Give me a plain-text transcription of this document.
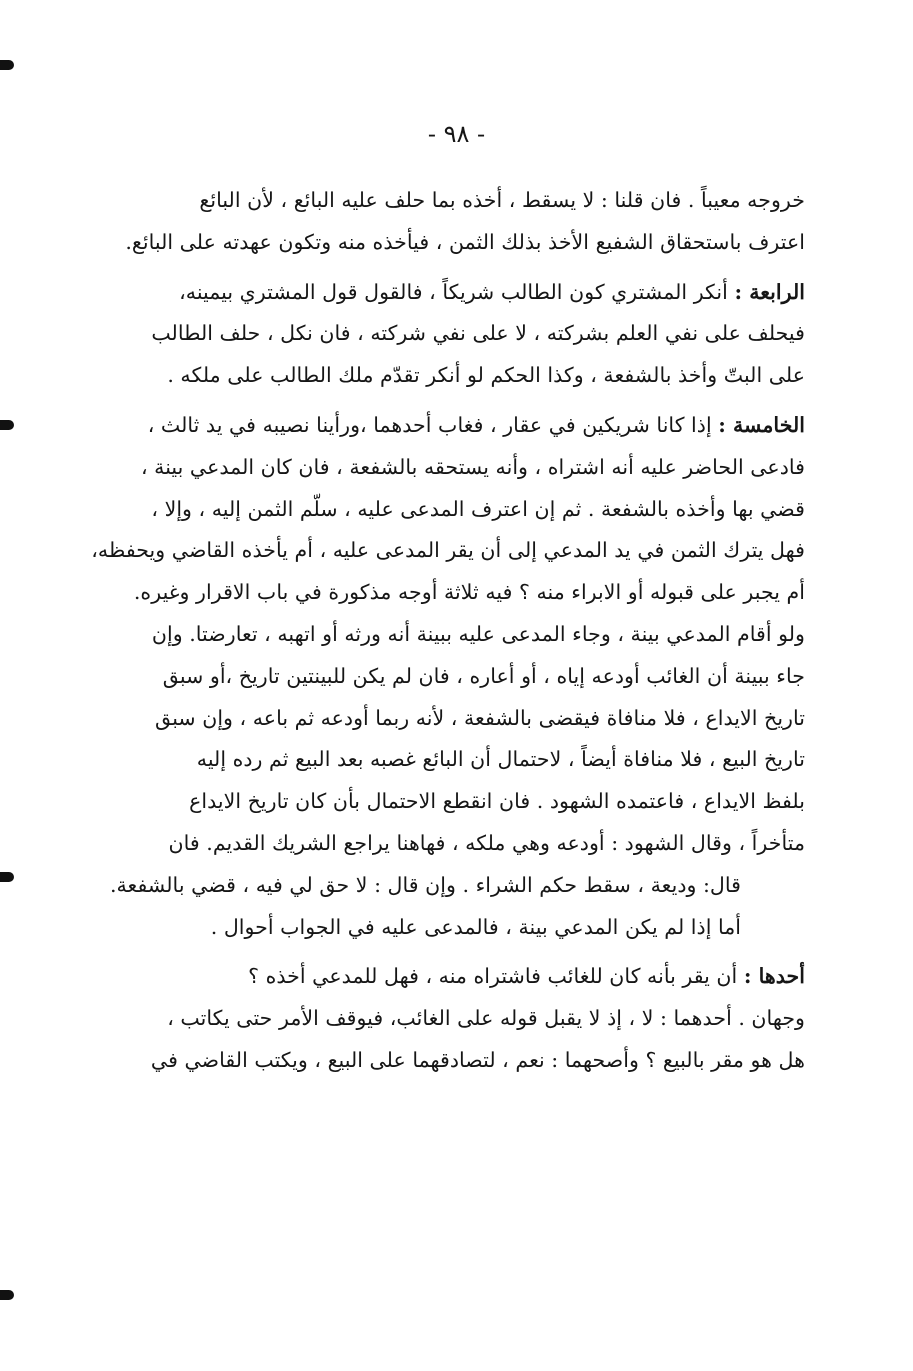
- ٩٨ -
خروجه معيباً . فان قلنا : لا يسقط ، أخذه بما حلف عليه البائع ، لأن البائع
اعترف باستحقاق الشفيع الأخذ بذلك الثمن ، فيأخذه منه وتكون عهدته على البائع.
الرابعة : أنكر المشتري كون الطالب شريكاً ، فالقول قول المشتري بيمينه،
فيحلف على نفي العلم بشركته ، لا على نفي شركته ، فان نكل ، حلف الطالب
على البتّ وأخذ بالشفعة ، وكذا الحكم لو أنكر تقدّم ملك الطالب على ملكه .
الخامسة : إذا كانا شريكين في عقار ، فغاب أحدهما ،ورأينا نصيبه في يد ثالث ،
فادعى الحاضر عليه أنه اشتراه ، وأنه يستحقه بالشفعة ، فان كان المدعي بينة ،
قضي بها وأخذه بالشفعة . ثم إن اعترف المدعى عليه ، سلّم الثمن إليه ، وإلا ،
فهل يترك الثمن في يد المدعي إلى أن يقر المدعى عليه ، أم يأخذه القاضي ويحفظه،
أم يجبر على قبوله أو الابراء منه ؟ فيه ثلاثة أوجه مذكورة في باب الاقرار وغيره.
ولو أقام المدعي بينة ، وجاء المدعى عليه ببينة أنه ورثه أو اتهبه ، تعارضتا. وإن
جاء ببينة أن الغائب أودعه إياه ، أو أعاره ، فان لم يكن للبينتين تاريخ ،أو سبق
تاريخ الايداع ، فلا منافاة فيقضى بالشفعة ، لأنه ربما أودعه ثم باعه ، وإن سبق
تاريخ البيع ، فلا منافاة أيضاً ، لاحتمال أن البائع غصبه بعد البيع ثم رده إليه
بلفظ الايداع ، فاعتمده الشهود . فان انقطع الاحتمال بأن كان تاريخ الايداع
متأخراً ، وقال الشهود : أودعه وهي ملكه ، فهاهنا يراجع الشريك القديم. فان
قال: وديعة ، سقط حكم الشراء . وإن قال : لا حق لي فيه ، قضي بالشفعة.
أما إذا لم يكن المدعي بينة ، فالمدعى عليه في الجواب أحوال .
أحدها : أن يقر بأنه كان للغائب فاشتراه منه ، فهل للمدعي أخذه ؟
وجهان . أحدهما : لا ، إذ لا يقبل قوله على الغائب، فيوقف الأمر حتى يكاتب ،
هل هو مقر بالبيع ؟ وأصحهما : نعم ، لتصادقهما على البيع ، ويكتب القاضي في
